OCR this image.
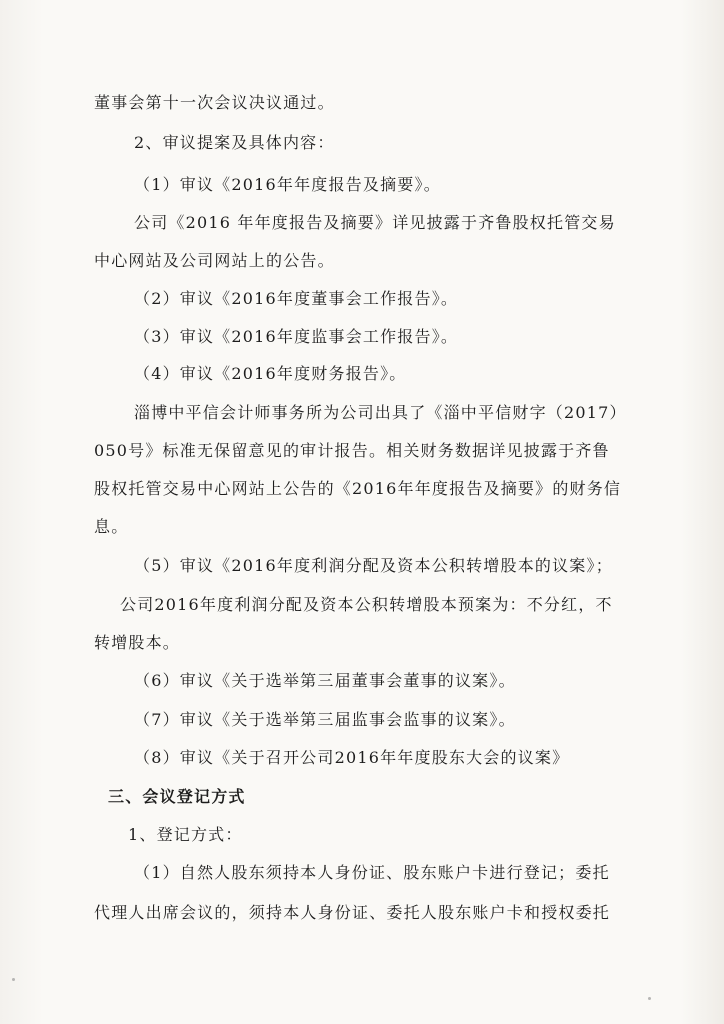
董事会第十一次会议决议通过。
2、审议提案及具体内容：
（1）审议《2016年年度报告及摘要》。
公司《2016 年年度报告及摘要》详见披露于齐鲁股权托管交易
中心网站及公司网站上的公告。
（2）审议《2016年度董事会工作报告》。
（3）审议《2016年度监事会工作报告》。
（4）审议《2016年度财务报告》。
淄博中平信会计师事务所为公司出具了《淄中平信财字（2017）
050号》标准无保留意见的审计报告。相关财务数据详见披露于齐鲁
股权托管交易中心网站上公告的《2016年年度报告及摘要》的财务信
息。
（5）审议《2016年度利润分配及资本公积转增股本的议案》；
公司2016年度利润分配及资本公积转增股本预案为：不分红，不
转增股本。
（6）审议《关于选举第三届董事会董事的议案》。
（7）审议《关于选举第三届监事会监事的议案》。
（8）审议《关于召开公司2016年年度股东大会的议案》
三、会议登记方式
1、登记方式：
（1）自然人股东须持本人身份证、股东账户卡进行登记；委托
代理人出席会议的，须持本人身份证、委托人股东账户卡和授权委托
